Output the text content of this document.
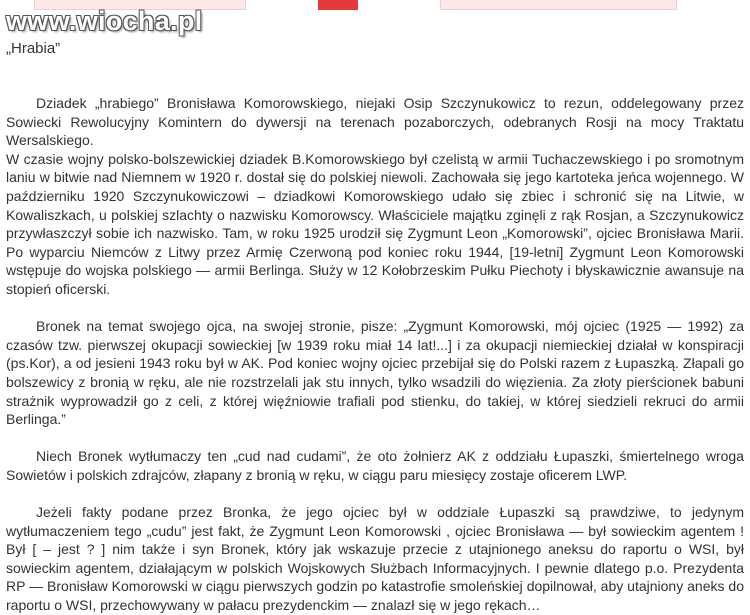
www.wiocha.pl
„Hrabia”

Dziadek „hrabiego” Bronisława Komorowskiego, niejaki Osip Szczynukowicz to rezun, oddelegowany przez Sowiecki Rewolucyjny Komintern do dywersji na terenach pozaborczych, odebranych Rosji na mocy Traktatu Wersalskiego.

W czasie wojny polsko-bolszewickiej dziadek B.Komorowskiego był czelistą w armii Tuchaczewskiego i po sromotnym laniu w bitwie nad Niemnem w 1920 r. dostał się do polskiej niewoli. Zachowała się jego kartoteka jeńca wojennego. W październiku 1920 Szczynukowiczowi – dziadkowi Komorowskiego udało się zbiec i schronić się na Litwie, w Kowaliszkach, u polskiej szlachty o nazwisku Komorowscy. Właściciele majątku zginęli z rąk Rosjan, a Szczynukowicz przywłaszczył sobie ich nazwisko. Tam, w roku 1925 urodził się Zygmunt Leon „Komorowski”, ojciec Bronisława Marii. Po wyparciu Niemców z Litwy przez Armię Czerwoną pod koniec roku 1944, [19-letni] Zygmunt Leon Komorowski wstępuje do wojska polskiego — armii Berlinga. Służy w 12 Kołobrzeskim Pułku Piechoty i błyskawicznie awansuje na stopień oficerski.

Bronek na temat swojego ojca, na swojej stronie, pisze: „Zygmunt Komorowski, mój ojciec (1925 — 1992) za czasów tzw. pierwszej okupacji sowieckiej [w 1939 roku miał 14 lat!...] i za okupacji niemieckiej działał w konspiracji (ps.Kor), a od jesieni 1943 roku był w AK. Pod koniec wojny ojciec przebijał się do Polski razem z Łupaszką. Złapali go bolszewicy z bronią w ręku, ale nie rozstrzelali jak stu innych, tylko wsadzili do więzienia. Za złoty pierścionek babuni strażnik wyprowadził go z celi, z której więźniowie trafiali pod stienku, do takiej, w której siedzieli rekruci do armii Berlinga.”

Niech Bronek wytłumaczy ten „cud nad cudami”, że oto żołnierz AK z oddziału Łupaszki, śmiertelnego wroga Sowietów i polskich zdrajców, złapany z bronią w ręku, w ciągu paru miesięcy zostaje oficerem LWP.

Jeżeli fakty podane przez Bronka, że jego ojciec był w oddziale Łupaszki są prawdziwe, to jedynym wytłumaczeniem tego „cudu” jest fakt, że Zygmunt Leon Komorowski , ojciec Bronisława — był sowieckim agentem ! Był [ – jest ? ] nim także i syn Bronek, który jak wskazuje przecie z utajnionego aneksu do raportu o WSI, był sowieckim agentem, działającym w polskich Wojskowych Służbach Informacyjnych. I pewnie dlatego p.o. Prezydenta RP — Bronisław Komorowski w ciągu pierwszych godzin po katastrofie smoleńskiej dopilnował, aby utajniony aneks do raportu o WSI, przechowywany w pałacu prezydenckim — znalazł się w jego rękach…
